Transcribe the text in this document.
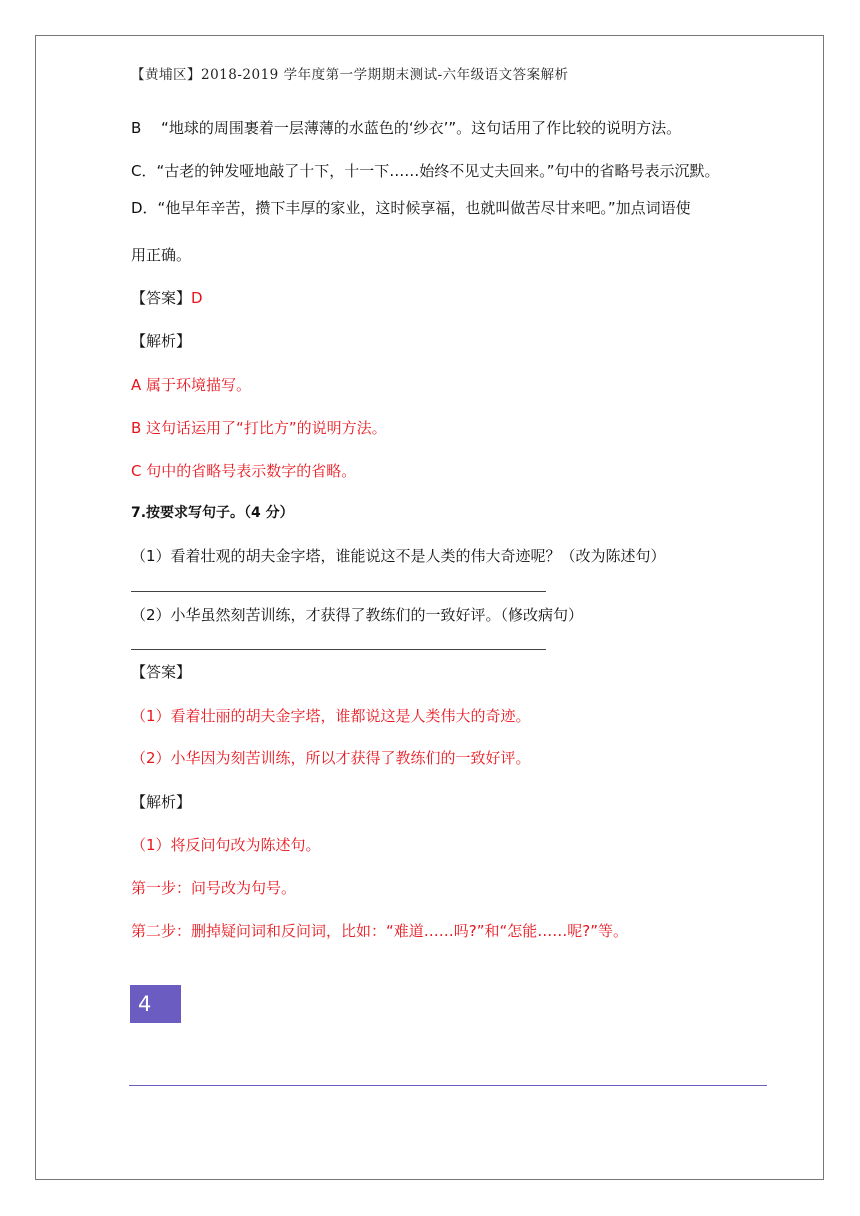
【黄埔区】2018-2019 学年度第一学期期末测试-六年级语文答案解析
B　 “地球的周围裹着一层薄薄的水蓝色的‘纱衣’”。这句话用了作比较的说明方法。
C．“古老的钟发哑地敲了十下，十一下……始终不见丈夫回来。”句中的省略号表示沉默。
D．“他早年辛苦，攒下丰厚的家业，这时候享福，也就叫做苦尽甘来吧。”加点词语使
用正确。
【答案】D
【解析】
A 属于环境描写。
B 这句话运用了“打比方”的说明方法。
C 句中的省略号表示数字的省略。
7.按要求写句子。（4 分）
（1）看着壮观的胡夫金字塔，谁能说这不是人类的伟大奇迹呢？（改为陈述句）
（2）小华虽然刻苦训练，才获得了教练们的一致好评。（修改病句）
【答案】
（1）看着壮丽的胡夫金字塔，谁都说这是人类伟大的奇迹。
（2）小华因为刻苦训练，所以才获得了教练们的一致好评。
【解析】
（1）将反问句改为陈述句。
第一步：问号改为句号。
第二步：删掉疑问词和反问词，比如：“难道……吗?”和“怎能……呢?”等。
4
